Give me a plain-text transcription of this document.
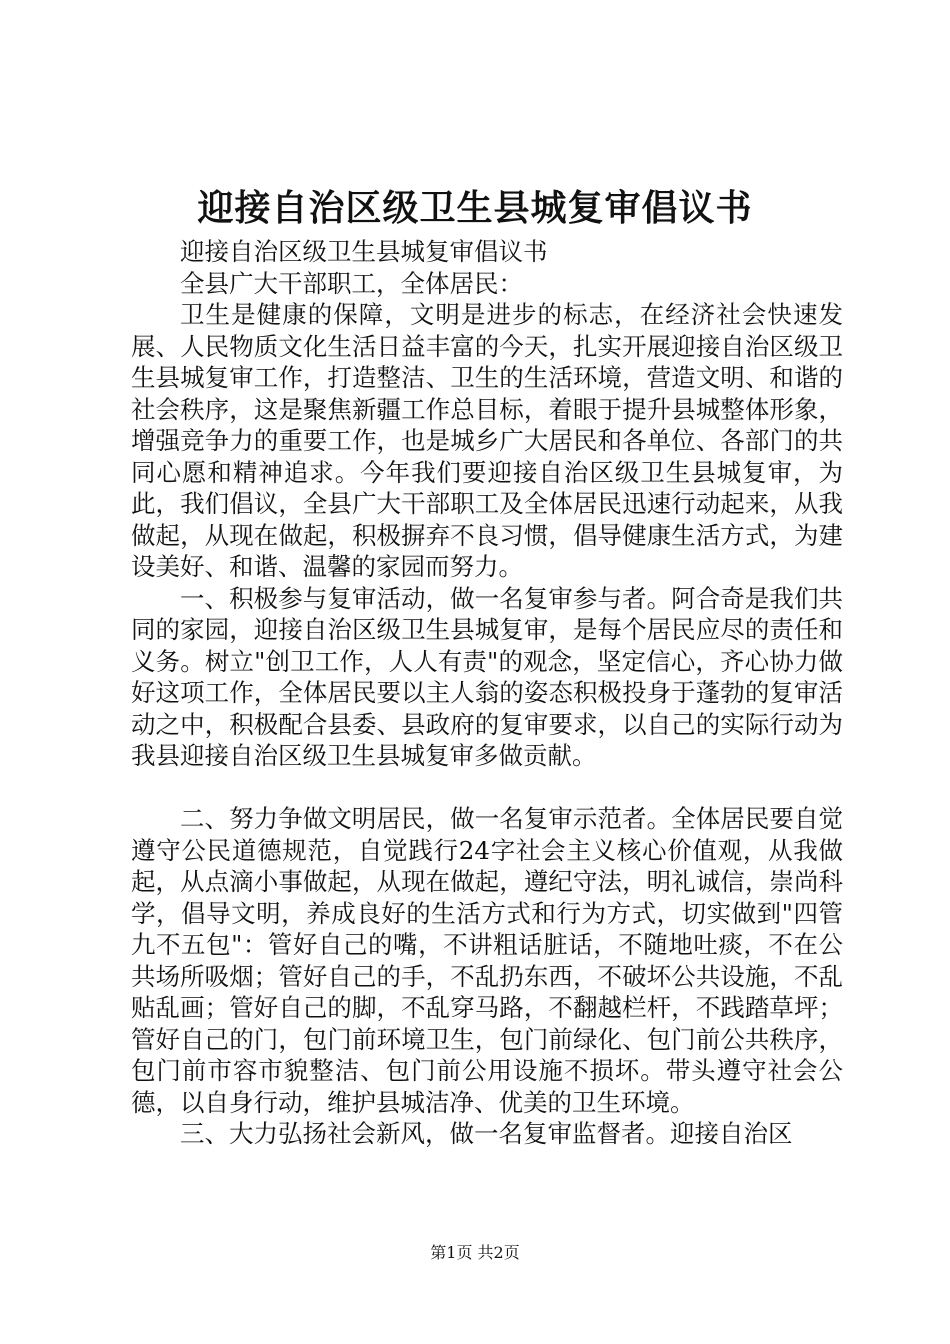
迎接自治区级卫生县城复审倡议书

迎接自治区级卫生县城复审倡议书

全县广大干部职工，全体居民：

卫生是健康的保障，文明是进步的标志，在经济社会快速发展、人民物质文化生活日益丰富的今天，扎实开展迎接自治区级卫生县城复审工作，打造整洁、卫生的生活环境，营造文明、和谐的社会秩序，这是聚焦新疆工作总目标，着眼于提升县城整体形象，增强竞争力的重要工作，也是城乡广大居民和各单位、各部门的共同心愿和精神追求。今年我们要迎接自治区级卫生县城复审，为此，我们倡议，全县广大干部职工及全体居民迅速行动起来，从我做起，从现在做起，积极摒弃不良习惯，倡导健康生活方式，为建设美好、和谐、温馨的家园而努力。

一、积极参与复审活动，做一名复审参与者。阿合奇是我们共同的家园，迎接自治区级卫生县城复审，是每个居民应尽的责任和义务。树立"创卫工作，人人有责"的观念，坚定信心，齐心协力做好这项工作，全体居民要以主人翁的姿态积极投身于蓬勃的复审活动之中，积极配合县委、县政府的复审要求，以自己的实际行动为我县迎接自治区级卫生县城复审多做贡献。

二、努力争做文明居民，做一名复审示范者。全体居民要自觉遵守公民道德规范，自觉践行24字社会主义核心价值观，从我做起，从点滴小事做起，从现在做起，遵纪守法，明礼诚信，崇尚科学，倡导文明，养成良好的生活方式和行为方式，切实做到"四管九不五包"：管好自己的嘴，不讲粗话脏话，不随地吐痰，不在公共场所吸烟；管好自己的手，不乱扔东西，不破坏公共设施，不乱贴乱画；管好自己的脚，不乱穿马路，不翻越栏杆，不践踏草坪；管好自己的门，包门前环境卫生，包门前绿化、包门前公共秩序，包门前市容市貌整洁、包门前公用设施不损坏。带头遵守社会公德，以自身行动，维护县城洁净、优美的卫生环境。

三、大力弘扬社会新风，做一名复审监督者。迎接自治区

第1页 共2页
